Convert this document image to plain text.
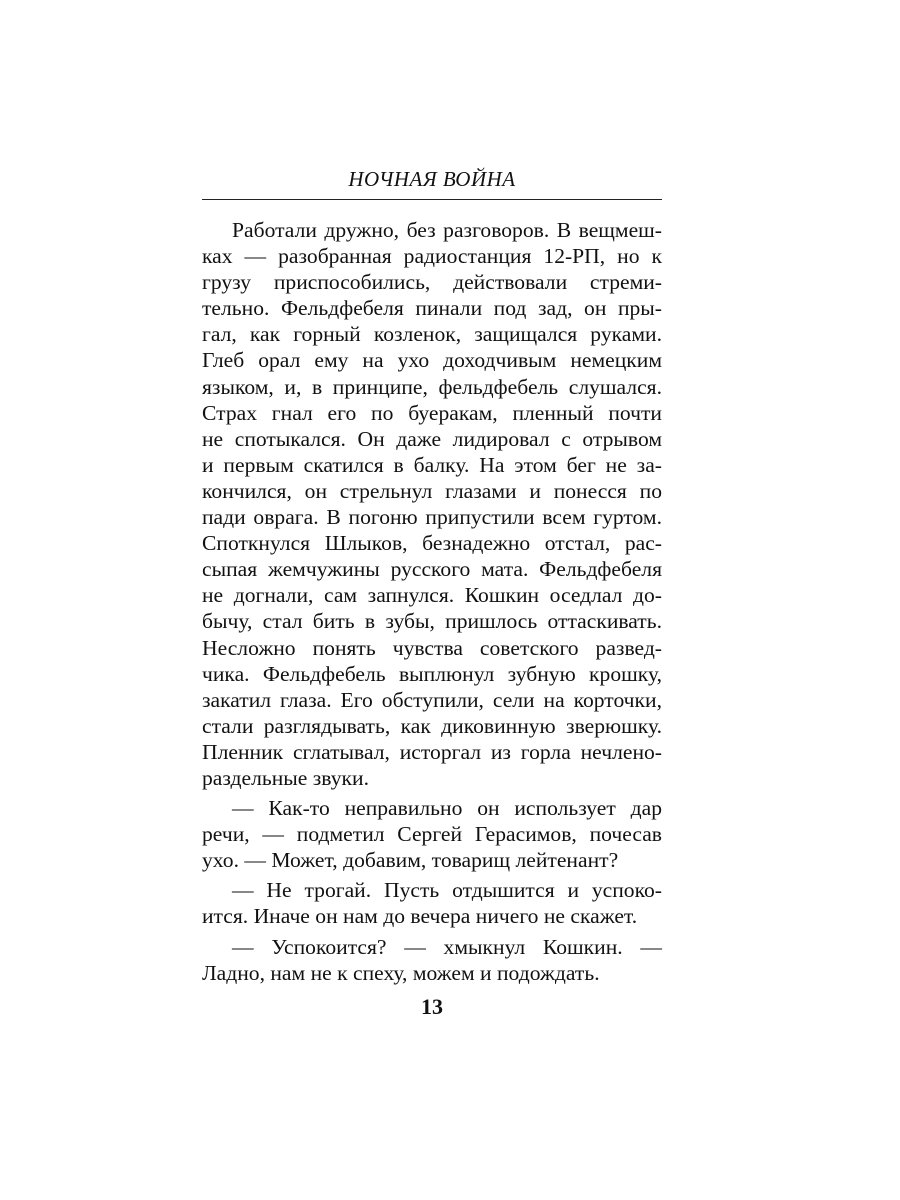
НОЧНАЯ ВОЙНА
Работали дружно, без разговоров. В вещмеш-
ках — разобранная радиостанция 12-РП, но к
грузу приспособились, действовали стреми-
тельно. Фельдфебеля пинали под зад, он пры-
гал, как горный козленок, защищался руками.
Глеб орал ему на ухо доходчивым немецким
языком, и, в принципе, фельдфебель слушался.
Страх гнал его по буеракам, пленный почти
не спотыкался. Он даже лидировал с отрывом
и первым скатился в балку. На этом бег не за-
кончился, он стрельнул глазами и понесся по
пади оврага. В погоню припустили всем гуртом.
Споткнулся Шлыков, безнадежно отстал, рас-
сыпая жемчужины русского мата. Фельдфебеля
не догнали, сам запнулся. Кошкин оседлал до-
бычу, стал бить в зубы, пришлось оттаскивать.
Несложно понять чувства советского развед-
чика. Фельдфебель выплюнул зубную крошку,
закатил глаза. Его обступили, сели на корточки,
стали разглядывать, как диковинную зверюшку.
Пленник сглатывал, исторгал из горла нечлено-
раздельные звуки.
— Как-то неправильно он использует дар
речи, — подметил Сергей Герасимов, почесав
ухо. — Может, добавим, товарищ лейтенант?
— Не трогай. Пусть отдышится и успоко-
ится. Иначе он нам до вечера ничего не скажет.
— Успокоится? — хмыкнул Кошкин. —
Ладно, нам не к спеху, можем и подождать.
13
